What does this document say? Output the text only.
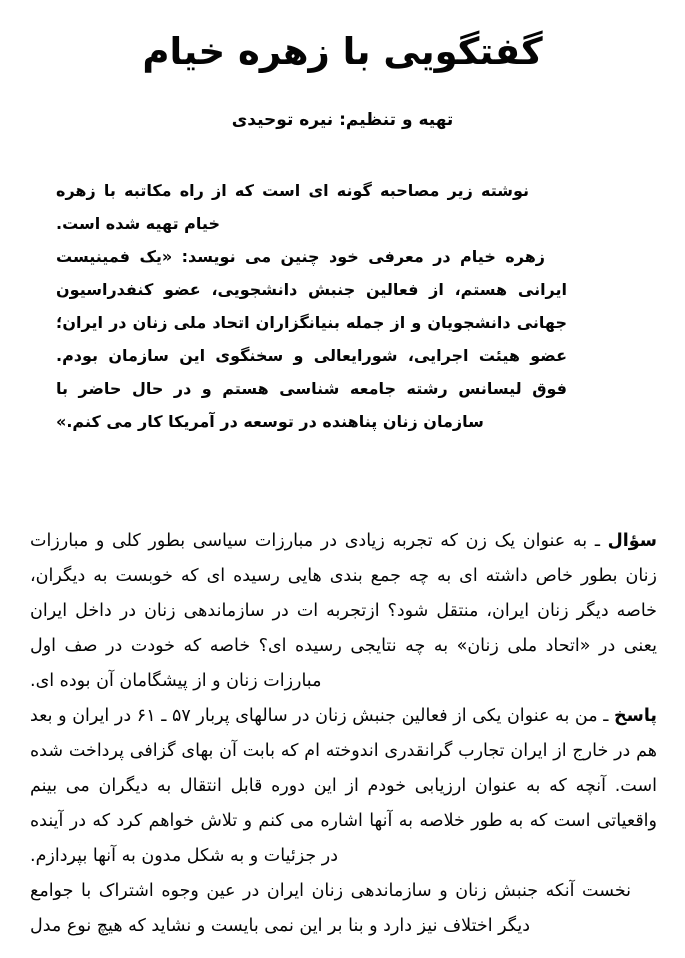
گفتگویی با زهره خیام
تهیه و تنظیم: نیره توحیدی

نوشته زیر مصاحبه گونه ای است که از راه مکاتبه با زهره خیام تهیه شده است.

زهره خیام در معرفی خود چنین می نویسد: «یک فمینیست ایرانی هستم، از فعالین جنبش دانشجویی، عضو کنفدراسیون جهانی دانشجویان و از جمله بنیانگزاران اتحاد ملی زنان در ایران؛ عضو هیئت اجرایی، شورایعالی و سخنگوی این سازمان بودم. فوق لیسانس رشته جامعه شناسی هستم و در حال حاضر با سازمان زنان پناهنده در توسعه در آمریکا کار می کنم.»

سؤال ـ به عنوان یک زن که تجربه زیادی در مبارزات سیاسی بطور کلی و مبارزات زنان بطور خاص داشته ای به چه جمع بندی هایی رسیده ای که خوبست به دیگران، خاصه دیگر زنان ایران، منتقل شود؟ ازتجربه ات در سازماندهی زنان در داخل ایران یعنی در «اتحاد ملی زنان» به چه نتایجی رسیده ای؟ خاصه که خودت در صف اول مبارزات زنان و از پیشگامان آن بوده ای.

پاسخ ـ من به عنوان یکی از فعالین جنبش زنان در سالهای پربار ۵۷ ـ ۶۱ در ایران و بعد هم در خارج از ایران تجارب گرانقدری اندوخته ام که بابت آن بهای گزافی پرداخت شده است. آنچه که به عنوان ارزیابی خودم از این دوره قابل انتقال به دیگران می بینم واقعیاتی است که به طور خلاصه به آنها اشاره می کنم و تلاش خواهم کرد که در آینده در جزئیات و به شکل مدون به آنها بپردازم.

نخست آنکه جنبش زنان و سازماندهی زنان ایران در عین وجوه اشتراک با جوامع دیگر اختلاف نیز دارد و بنا بر این نمی بایست و نشاید که هیچ نوع مدل
